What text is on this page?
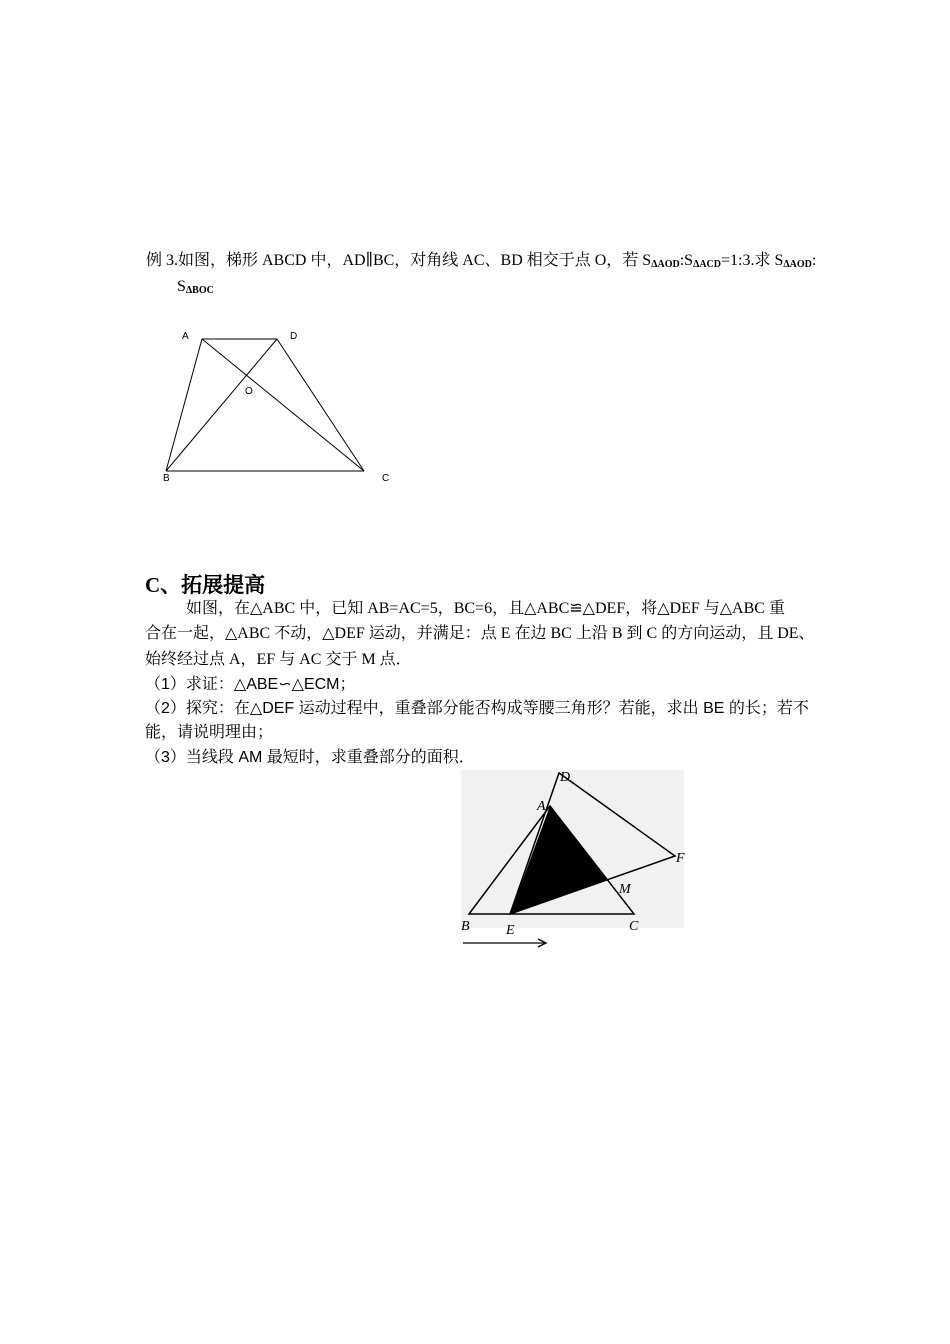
例 3.如图，梯形 ABCD 中，AD∥BC，对角线 AC、BD 相交于点 O，若 $S_{\Delta AOD}:S_{\Delta ACD}=1:3$.求 $S_{\Delta AOD}$:
$S_{\Delta BOC}$
A	D
O
B	C
C、拓展提高
如图，在△ABC 中，已知 AB=AC=5，BC=6，且△ABC≌△DEF，将△DEF 与△ABC 重
合在一起，△ABC 不动，△DEF 运动，并满足：点 E 在边 BC 上沿 B 到 C 的方向运动，且 DE、
始终经过点 A，EF 与 AC 交于 M 点．
（1）求证：△ABE∽△ECM；
（2）探究：在△DEF 运动过程中，重叠部分能否构成等腰三角形？若能，求出 BE 的长；若不
能，请说明理由；
（3）当线段 AM 最短时，求重叠部分的面积．
A
D
F
M
B	E	C
